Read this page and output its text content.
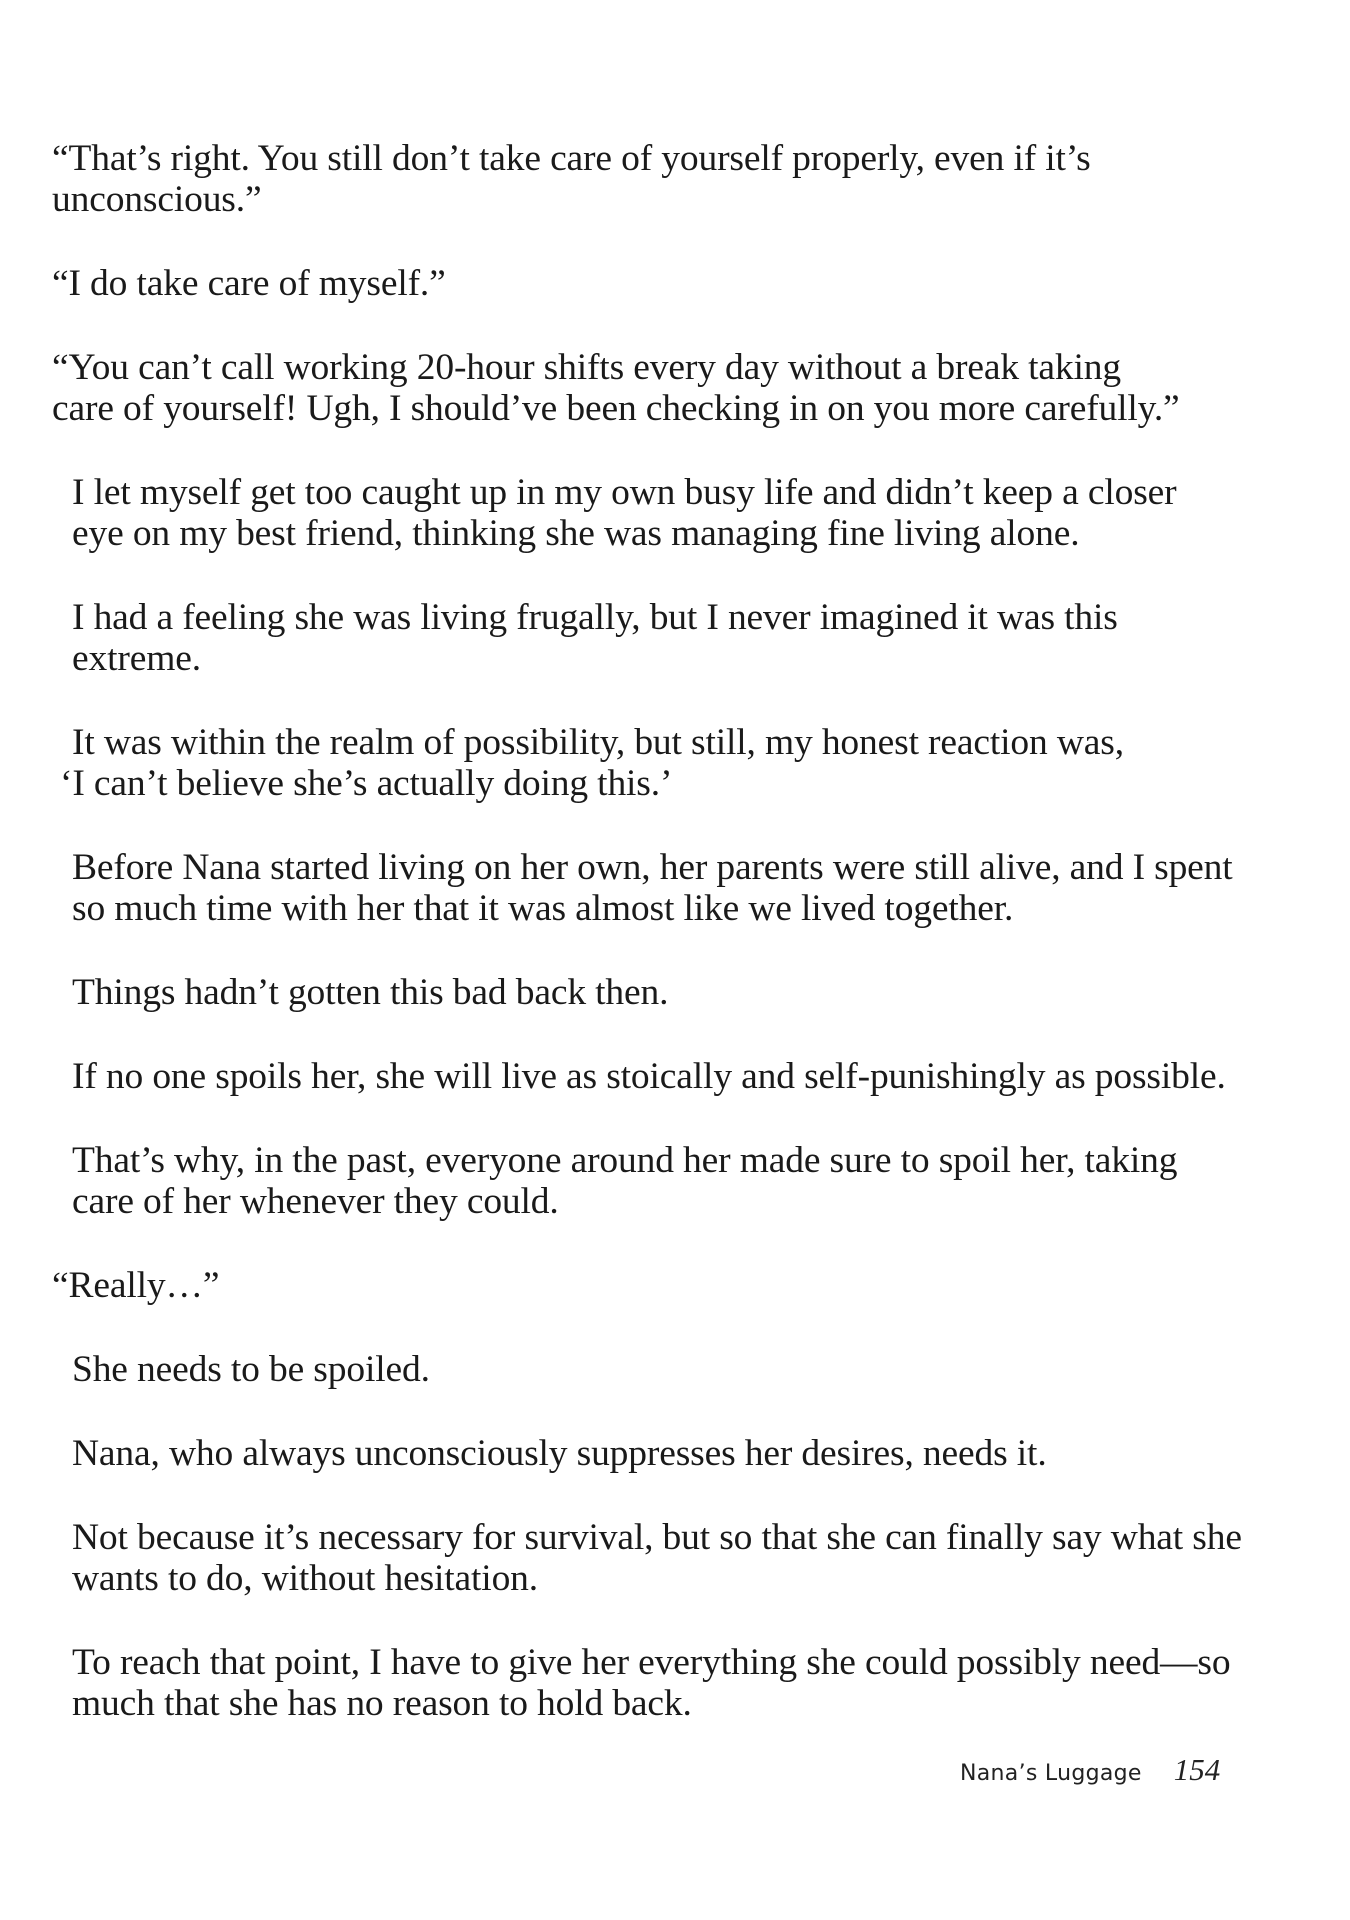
“That’s right. You still don’t take care of yourself properly, even if it’s
unconscious.”

“I do take care of myself.”

“You can’t call working 20-hour shifts every day without a break taking
care of yourself! Ugh, I should’ve been checking in on you more carefully.”

I let myself get too caught up in my own busy life and didn’t keep a closer
eye on my best friend, thinking she was managing fine living alone.

I had a feeling she was living frugally, but I never imagined it was this
extreme.

It was within the realm of possibility, but still, my honest reaction was,
‘I can’t believe she’s actually doing this.’

Before Nana started living on her own, her parents were still alive, and I spent
so much time with her that it was almost like we lived together.

Things hadn’t gotten this bad back then.

If no one spoils her, she will live as stoically and self-punishingly as possible.

That’s why, in the past, everyone around her made sure to spoil her, taking
care of her whenever they could.

“Really…”

She needs to be spoiled.

Nana, who always unconsciously suppresses her desires, needs it.

Not because it’s necessary for survival, but so that she can finally say what she
wants to do, without hesitation.

To reach that point, I have to give her everything she could possibly need—so
much that she has no reason to hold back.

Nana’s Luggage 154
